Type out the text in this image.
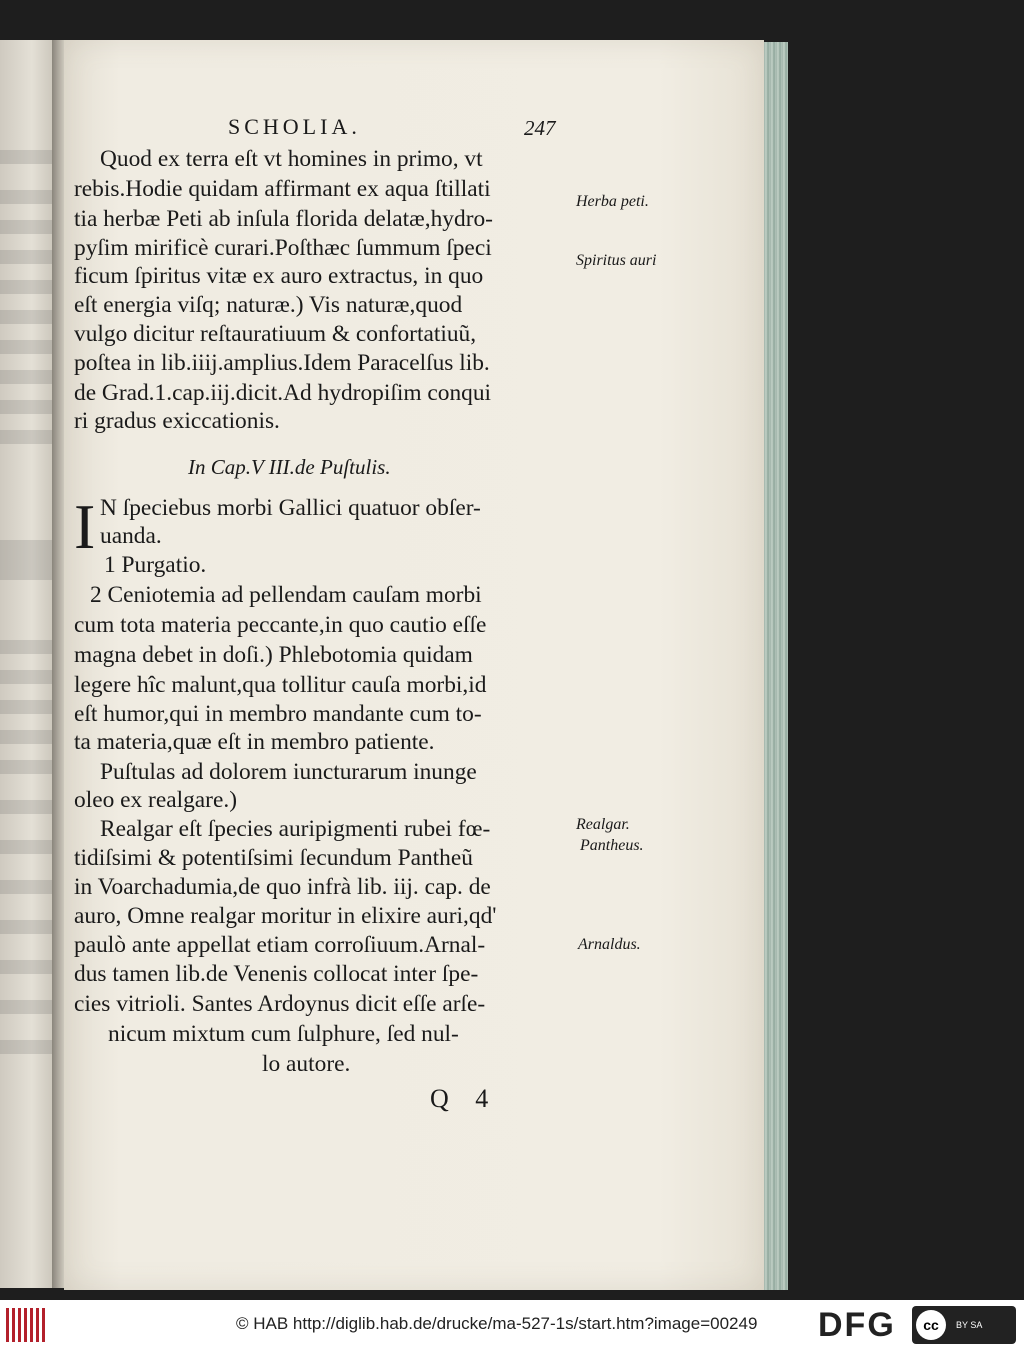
SCHOLIA.	247
Quod ex terra eſt vt homines in primo, vt
rebis.Hodie quidam affirmant ex aqua ſtillati
tia herbæ Peti ab inſula florida delatæ,hydro-
pyſim mirificè curari.Poſthæc ſummum ſpeci
ficum ſpiritus vitæ ex auro extractus, in quo
eſt energia viſq; naturæ.) Vis naturæ,quod
vulgo dicitur reſtauratiuum & confortatiuũ,
poſtea in lib.iiij.amplius.Idem Paracelſus lib.
de Grad.1.cap.iij.dicit.Ad hydropiſim conqui
ri gradus exiccationis.
In Cap.V III.de Puſtulis.
I N ſpeciebus morbi Gallici quatuor obſer-
uanda.
1 Purgatio.
2 Ceniotemia ad pellendam cauſam morbi
cum tota materia peccante,in quo cautio eſſe
magna debet in doſi.) Phlebotomia quidam
legere hîc malunt,qua tollitur cauſa morbi,id
eſt humor,qui in membro mandante cum to-
ta materia,quæ eſt in membro patiente.
Puſtulas ad dolorem iuncturarum inunge
oleo ex realgare.)
Realgar eſt ſpecies auripigmenti rubei fœ-
tidiſsimi & potentiſsimi ſecundum Pantheũ
in Voarchadumia,de quo infrà lib. iij. cap. de
auro, Omne realgar moritur in elixire auri,qd'
paulò ante appellat etiam corroſiuum.Arnal-
dus tamen lib.de Venenis collocat inter ſpe-
cies vitrioli. Santes Ardoynus dicit eſſe arſe-
nicum mixtum cum ſulphure, ſed nul-
lo autore.
Herba peti.
Spiritus auri
Realgar.
Pantheus.
Arnaldus.
Q 4
© HAB http://diglib.hab.de/drucke/ma-527-1s/start.htm?image=00249 DFG	cc	BY SA
